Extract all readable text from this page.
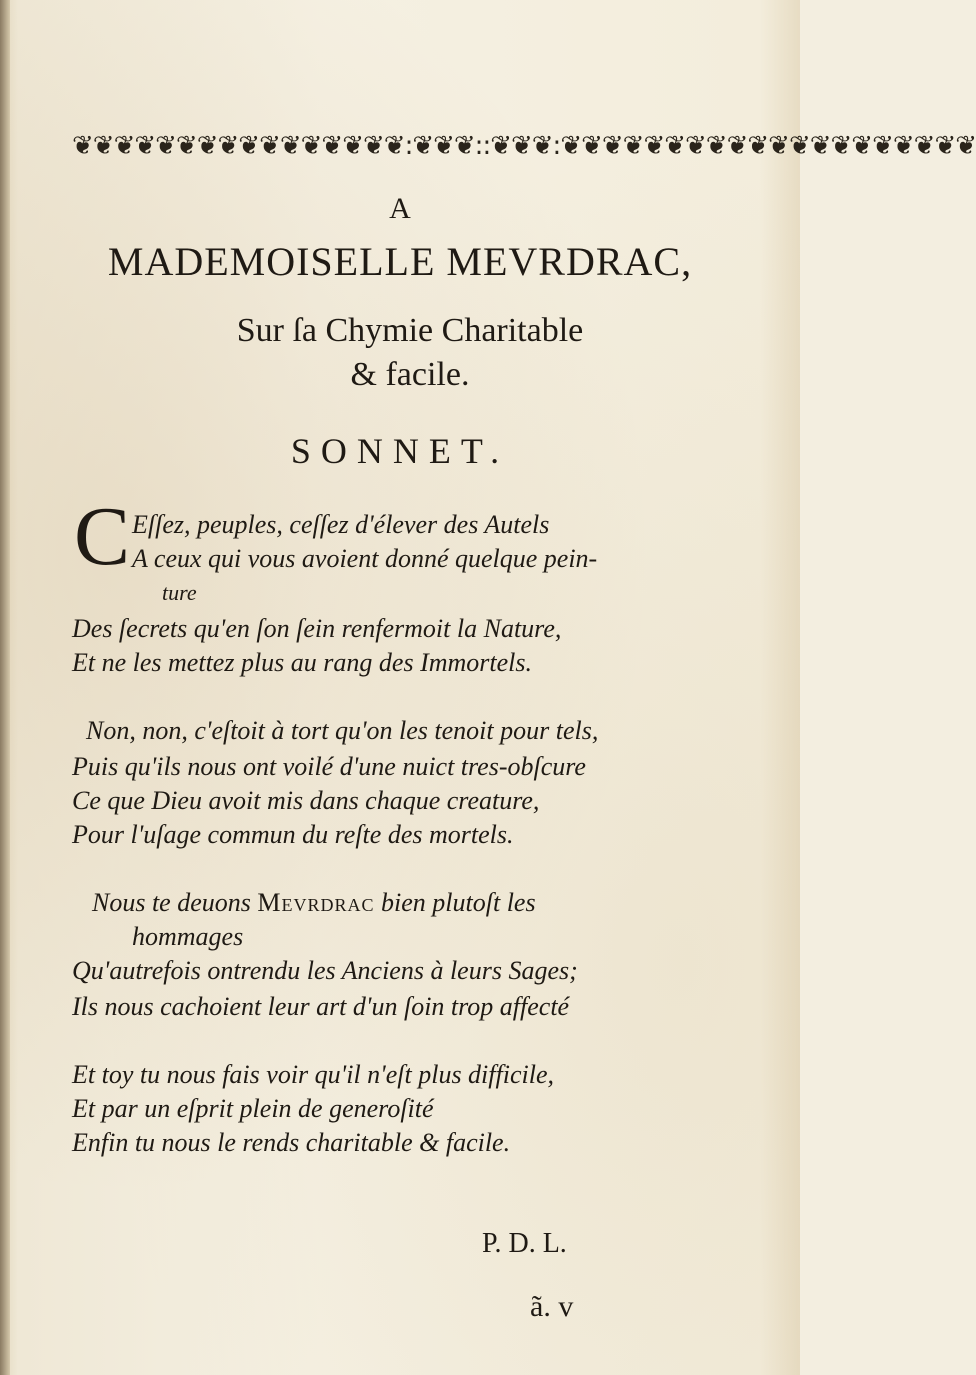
❦❦❦❦ ❦❦❦❦ ❦❦❦❦ ❦❦❦❦ :❦❦❦: :❦❦❦: ❦❦❦❦ ❦❦❦❦ ❦❦❦❦ ❦❦❦❦ ❦❦❦❦
A
MADEMOISELLE MEVRDRAC,
Sur ſa Chymie Charitable
& facile.
SONNET.
C Eſſez, peuples, ceſſez d'élever des Autels
A ceux qui vous avoient donné quelque pein-
ture
Des ſecrets qu'en ſon ſein renfermoit la Nature,
Et ne les mettez plus au rang des Immortels.
Non, non, c'eſtoit à tort qu'on les tenoit pour tels,
Puis qu'ils nous ont voilé d'une nuict tres-obſcure
Ce que Dieu avoit mis dans chaque creature,
Pour l'uſage commun du reſte des mortels.
Nous te deuons Mevrdrac bien plutoſt les
hommages
Qu'autrefois ontrendu les Anciens à leurs Sages;
Ils nous cachoient leur art d'un ſoin trop affecté
Et toy tu nous fais voir qu'il n'eſt plus difficile,
Et par un eſprit plein de generoſité
Enfin tu nous le rends charitable & facile.
P. D. L.
ã. v
